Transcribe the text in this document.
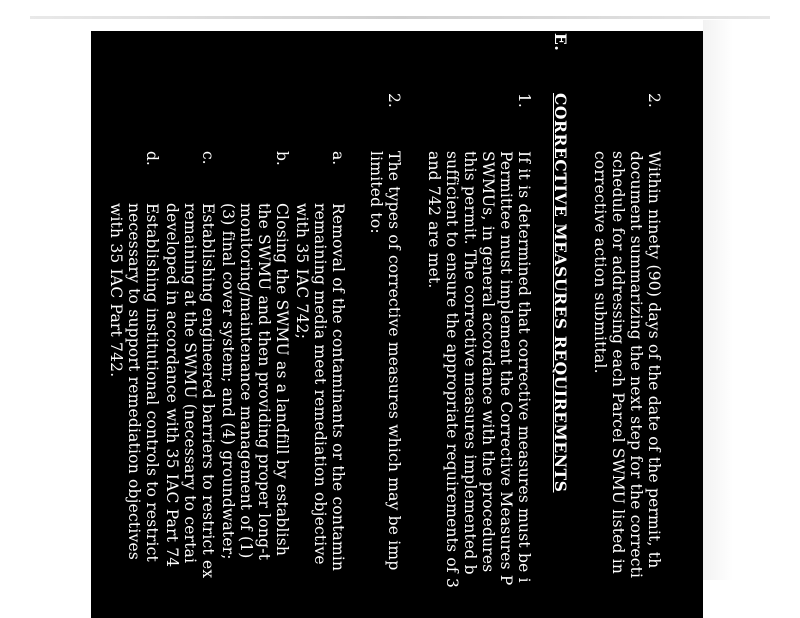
2.
Within ninety (90) days of the date of the permit, th
document summarizing the next step for the correcti
schedule for addressing each Parcel SWMU listed in
corrective action submittal.
E.
CORRECTIVE MEASURES REQUIREMENTS
1.
If it is determined that corrective measures must be i
Permittee must implement the Corrective Measures P
SWMUs, in general accordance with the procedures
this permit. The corrective measures implemented b
sufficient to ensure the appropriate requirements of 3
and 742 are met.
2.
The types of corrective measures which may be imp
limited to:
a.
Removal of the contaminants or the contamin
remaining media meet remediation objective
with 35 IAC 742;
b.
Closing the SWMU as a landfill by establish
the SWMU and then providing proper long-t
monitoring/maintenance management of (1)
(3) final cover system; and (4) groundwater;
c.
Establishing engineered barriers to restrict ex
remaining at the SWMU (necessary to certai
developed in accordance with 35 IAC Part 74
d.
Establishing institutional controls to restrict
necessary to support remediation objectives
with 35 IAC Part 742.
